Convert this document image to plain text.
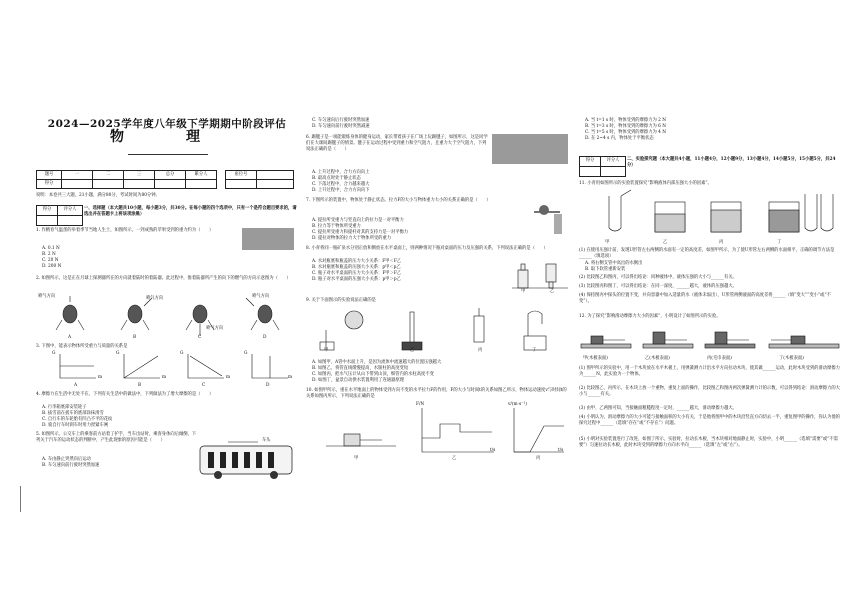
2024—2025学年度八年级下学期期中阶段评估
物　理
题号	一	二	三	总分	累分人		座位号	
得分								
说明：本卷共三大题，21小题，满分80分，考试时间为80分钟。
得分	评分人
	一、选择题（本大题共10小题，每小题3分，共30分。在每小题的四个选项中，只有一个是符合题目要求的，请选出并在答题卡上将该项涂黑）
1. 作精育气温蛋的举着季节当地人生士，如图所示，一到成熟的苹果受到的重力约为（　　）
A. 0.1 N
B. 2 N
C. 20 N
D. 200 N
2. 如图所示，这是正在月球上探测器所在的方向就着陆时的着陆器。此过程中，推着陆器所产生的向下的燃气的方向示意图为（　　）
喷气方向	喷气方向
喷气方向
喷气方向
A	B	C	D
3. 下图中，能表示物体所受重力与质量的关系是
G	G	G	G
m	m	m	m
A	B	C	D
4. 摩擦力在生活中无处不在，下列有关生活中的做法中，下列做法为了增大摩擦的是（　　）
A. 行李箱底部安装轮子
B. 拔雪前在扳车的底部涂抹滑雪
C. 自行车的车轮胎有凹凸不平的花纹
D. 骑自行车时刹车时用力捏紧车闸
5. 如图所示，公交车上的乘客前方站着了护手，当车出站时，乘客身体向后倾倒，下列关于汽车的运动状态的判断中，产生此现象的原因可能是（　　）
A. 车由静止突然向后运动
B. 车匀速向前行驶时突然加速
车头
C. 车匀速向后行驶时突然加速
D. 车匀速向前行驶时突然减速
6. 踢毽子是一项能锻炼身体的健身运动，家长带着孩子在广场上玩踢毽子，如图所示，这是同学们在大课间踢毽子的情景。毽子在运动过程中受到重力和空气阻力，且重力大于空气阻力，下列说法正确的是（　　）
A. 上升过程中，合力方向向上
B. 最高点时处于静止状态
C. 下落过程中，合力越来越大
D. 上升过程中，合力方向向下
7. 下图所示的装置中，物体处于静止状态。拉力F的大小与物体重力大小的关系正确的是（　　）
A. 提拉所受重力与竖直向上的拉力是一对平衡力
B. 拉力等于物体所受重力
C. 提拉所受重力和提杆对其的支持力是一对平衡力
D. 提拉对物体的拉力大于物体所受的重力
8. 小青将同一瓶矿泉水分别正放和倒放在水平桌面上，则两种情况下瓶对桌面的压力及压强的关系，下列说法正确的是（　　）
A. 水对瓶底和瓶盖的压力大小关系：F甲＜F乙
B. 水对瓶底和瓶盖的压强大小关系：p甲＜p乙
C. 瓶子对水平桌面的压力大小关系：F甲＞F乙
D. 瓶子对水平桌面的压强大小关系：p甲＞p乙
甲	乙
9. 关于下面图示的实验说法正确的是
甲	乙	丙	丁
A. 如图甲，A管中水面上升，是因为流体中流速越大的位置压强越大
B. 如图乙，将管直线缓慢提高，水银柱的高度变短
C. 如图丙，把水气压计从山下带到山顶，细管内的水柱高度不变
D. 如图丁，盆景自动供水装置利用了连通器原理
10. 如图甲所示，重在水平地面上的物体受到方向不变的水平拉力F的作用，F的大小与时间t的关系如图乙所示，物体运动速度v与时间t的关系如图丙所示，下列说法正确的是
F/N	v/(m·s⁻¹)
t/s	t/s
甲	乙	丙
A. 当 t=1 s 时，物体受到的摩擦力为 2 N
B. 当 t=3 s 时，物体受到的摩擦力为 6 N
C. 当 t=5 s 时，物体受到的摩擦力为 4 N
D. 在 2~4 s 内，物体处于平衡状态
得分	评分人
	二、实验探究题（本大题共4小题，11小题4分，12小题9分，13小题4分，14小题5分，15小题5分，共24分）
11. 小青用如图所示的实验装置探究“影响液体内部压强大小的因素”。
甲	乙	丙	丁
(1) 在使用压强计前，发现U形管左右两侧的水面有一定的高度差，如图甲所示，为了使U形管左右两侧的水面相平，正确的调节方法是______（填选项）
A. 将右侧支管中高出的水倒出
B. 取下软管重新安装
(2) 比较图乙和图丙，可以得出结论：同种液体中，液体压强的大小与______有关。
(3) 比较图丙和图丁，可以得出结论：在同一深度，______越大，液体的压强越大。
(4) 保持图丙中探头的位置不变，并向容器中加入适量的水（液体未溢出），U形管两侧液面的高度差将______（填“变大”“变小”或“不变”）。
12. 为了探究“影响滑动摩擦力大小的因素”，小明设计了如图所示的实验。
甲(木板表面)	乙(木板表面)	丙(毛巾表面)	丁(木板表面)
(1) 图甲所示的实验中，用一个木块放在水平木板上，用弹簧测力计沿水平方向拉动木块，使其做______运动，此时木块受到的滑动摩擦力为______N，此实验为一个物体。
(2) 比较图乙、丙所示，在木块上放一个重物，重复上面的操作，比较图乙和图丙两次弹簧测力计的示数，可以得到结论：滑动摩擦力的大小与______有关。
(3) 由甲、乙两图可知，当接触面粗糙程度一定时，______越大，滑动摩擦力越大。
(4) 小明认为，滑动摩擦力的大小可能与接触面积的大小有关，于是他将图甲中的木块沿竖直方向切去一半，重复图甲的操作，你认为他的探究过程中______（选填“存在”或“不存在”）问题。
(5) 小明对实验装置进行了改进，如图丁所示，实验时，拉动长木板，当木块相对地面静止时，实验中，小明______（选填“需要”或“不需要”）匀速拉动长木板，此时木块受到的摩擦力方向水平向______（选填“左”或“右”）。
